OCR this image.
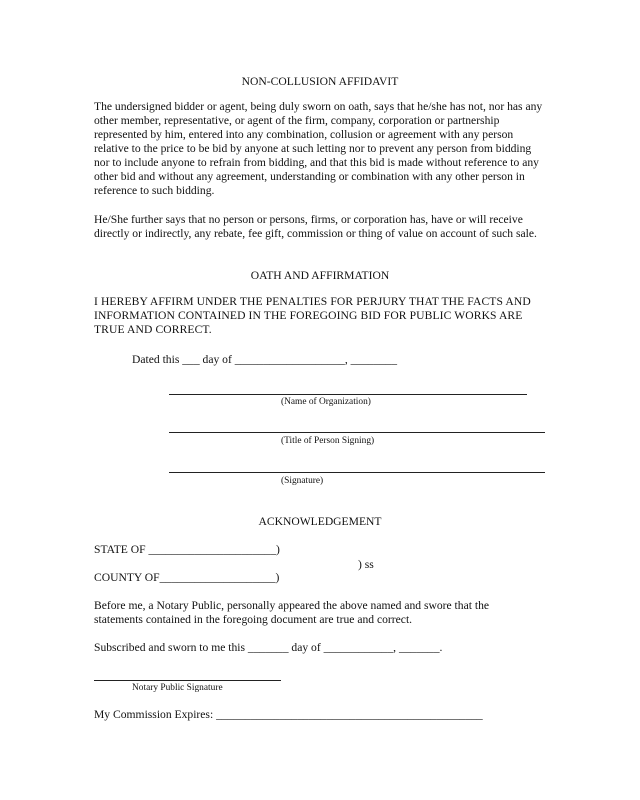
NON-COLLUSION AFFIDAVIT
The undersigned bidder or agent, being duly sworn on oath, says that he/she has not, nor has any other member, representative, or agent of the firm, company, corporation or partnership represented by him, entered into any combination, collusion or agreement with any person relative to the price to be bid by anyone at such letting nor to prevent any person from bidding nor to include anyone to refrain from bidding, and that this bid is made without reference to any other bid and without any agreement, understanding or combination with any other person in reference to such bidding.
He/She further says that no person or persons, firms, or corporation has, have or will receive directly or indirectly, any rebate, fee gift, commission or thing of value on account of such sale.
OATH AND AFFIRMATION
I HEREBY AFFIRM UNDER THE PENALTIES FOR PERJURY THAT THE FACTS AND INFORMATION CONTAINED IN THE FOREGOING BID FOR PUBLIC WORKS ARE TRUE AND CORRECT.
Dated this ___ day of ___________________, ________
(Name of Organization)
(Title of Person Signing)
(Signature)
ACKNOWLEDGEMENT
STATE OF ______________________)
) ss
COUNTY OF____________________)
Before me, a Notary Public, personally appeared the above named and swore that the statements contained in the foregoing document are true and correct.
Subscribed and sworn to me this _______ day of ____________, _______.
Notary Public Signature
My Commission Expires: ______________________________________________
